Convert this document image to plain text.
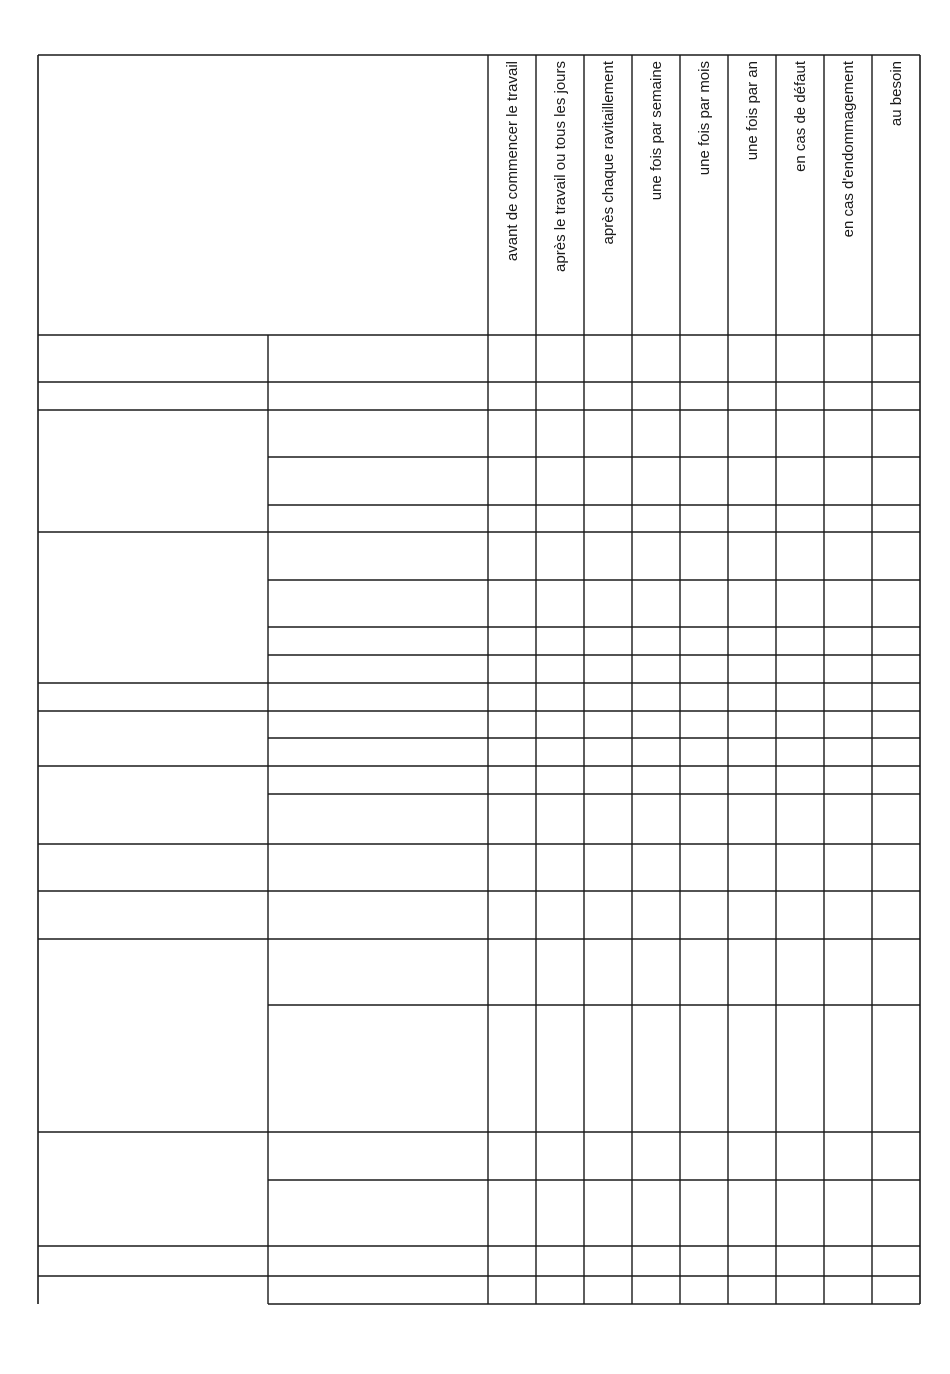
avant de commencer le travail après le travail ou tous les jours après chaque ravitaillement une fois par semaine une fois par mois une fois par an en cas de défaut en cas d'endommagement au besoin
